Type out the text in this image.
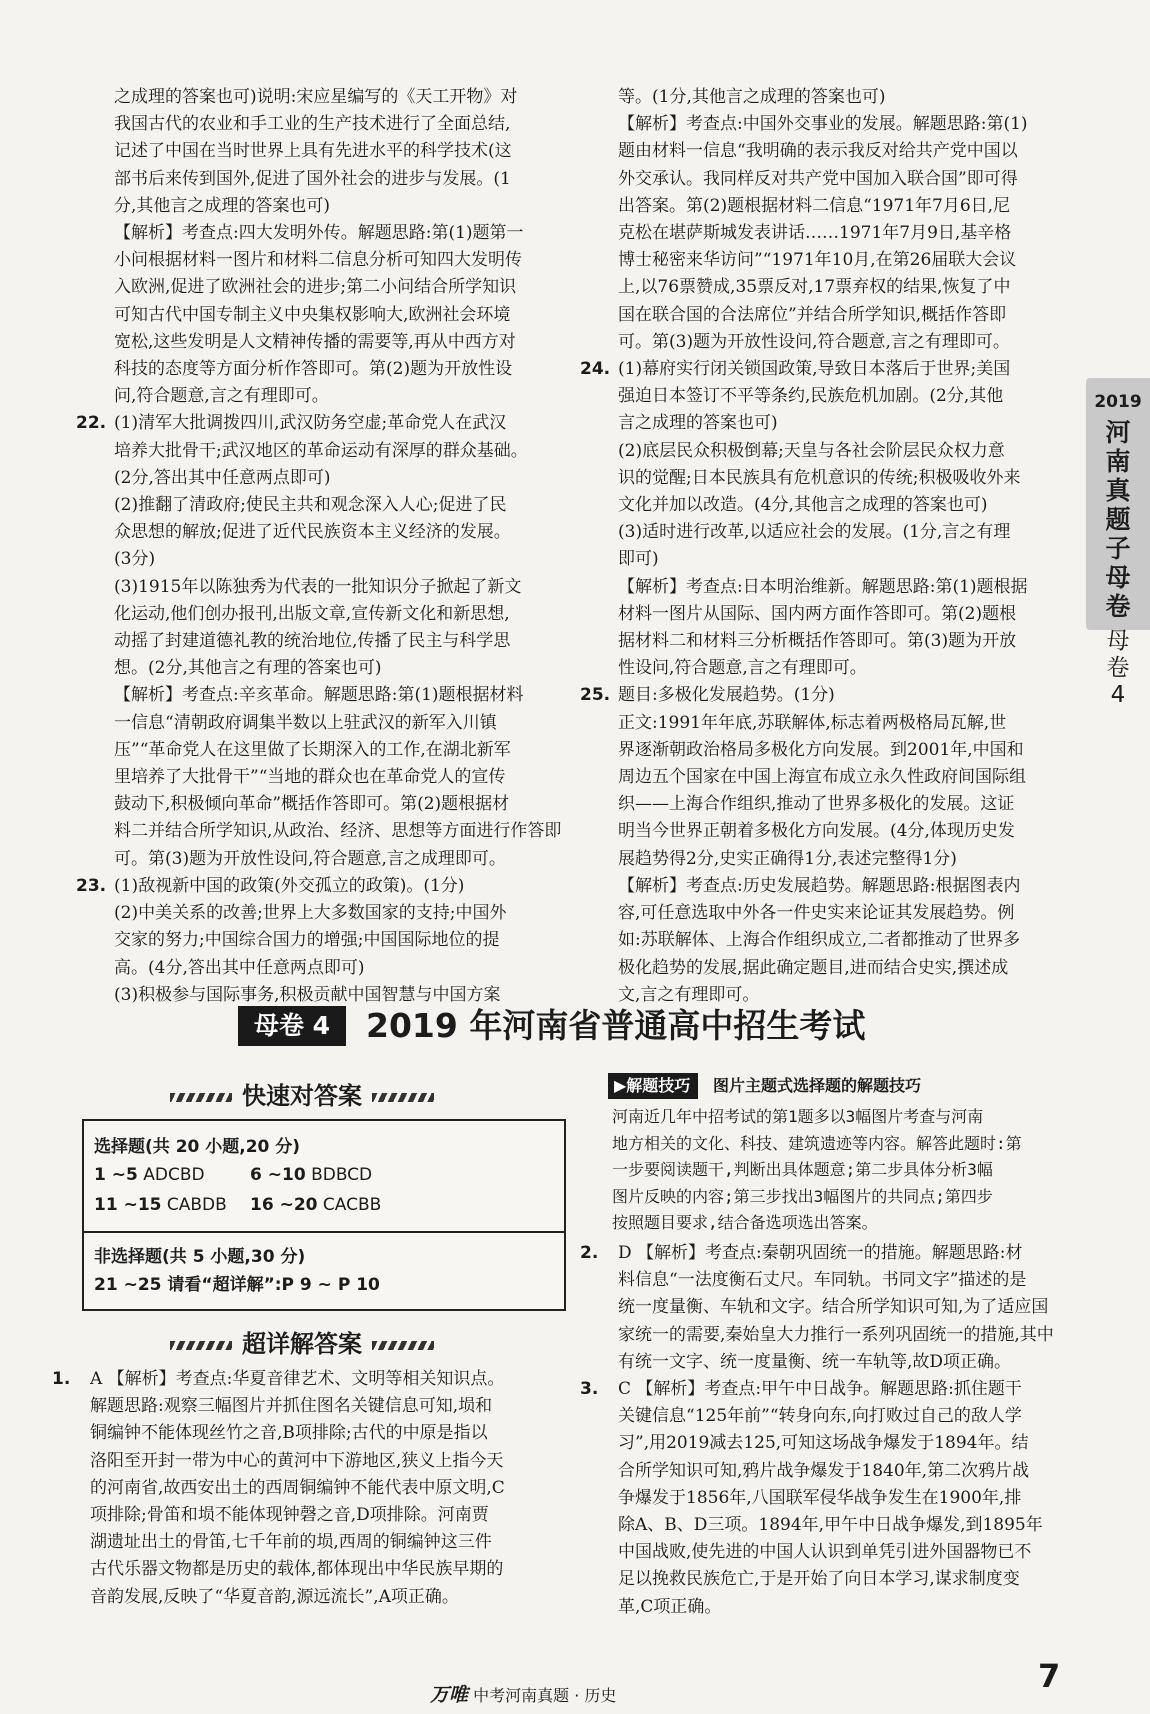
之成理的答案也可)说明:宋应星编写的《天工开物》对

我国古代的农业和手工业的生产技术进行了全面总结,

记述了中国在当时世界上具有先进水平的科学技术(这

部书后来传到国外,促进了国外社会的进步与发展。(1

分,其他言之成理的答案也可)

【解析】考查点:四大发明外传。解题思路:第(1)题第一

小问根据材料一图片和材料二信息分析可知四大发明传

入欧洲,促进了欧洲社会的进步;第二小问结合所学知识

可知古代中国专制主义中央集权影响大,欧洲社会环境

宽松,这些发明是人文精神传播的需要等,再从中西方对

科技的态度等方面分析作答即可。第(2)题为开放性设

问,符合题意,言之有理即可。

22. (1)清军大批调拨四川,武汉防务空虚;革命党人在武汉

培养大批骨干;武汉地区的革命运动有深厚的群众基础。

(2分,答出其中任意两点即可)

(2)推翻了清政府;使民主共和观念深入人心;促进了民

众思想的解放;促进了近代民族资本主义经济的发展。

(3分)

(3)1915年以陈独秀为代表的一批知识分子掀起了新文

化运动,他们创办报刊,出版文章,宣传新文化和新思想,

动摇了封建道德礼教的统治地位,传播了民主与科学思

想。(2分,其他言之有理的答案也可)

【解析】考查点:辛亥革命。解题思路:第(1)题根据材料

一信息“清朝政府调集半数以上驻武汉的新军入川镇

压”“革命党人在这里做了长期深入的工作,在湖北新军

里培养了大批骨干”“当地的群众也在革命党人的宣传

鼓动下,积极倾向革命”概括作答即可。第(2)题根据材

料二并结合所学知识,从政治、经济、思想等方面进行作答即

可。第(3)题为开放性设问,符合题意,言之成理即可。

23. (1)敌视新中国的政策(外交孤立的政策)。(1分)

(2)中美关系的改善;世界上大多数国家的支持;中国外

交家的努力;中国综合国力的增强;中国国际地位的提

高。(4分,答出其中任意两点即可)

(3)积极参与国际事务,积极贡献中国智慧与中国方案

等。(1分,其他言之成理的答案也可)

【解析】考查点:中国外交事业的发展。解题思路:第(1)

题由材料一信息“我明确的表示我反对给共产党中国以

外交承认。我同样反对共产党中国加入联合国”即可得

出答案。第(2)题根据材料二信息“1971年7月6日,尼

克松在堪萨斯城发表讲话……1971年7月9日,基辛格

博士秘密来华访问”“1971年10月,在第26届联大会议

上,以76票赞成,35票反对,17票弃权的结果,恢复了中

国在联合国的合法席位”并结合所学知识,概括作答即

可。第(3)题为开放性设问,符合题意,言之有理即可。

24. (1)幕府实行闭关锁国政策,导致日本落后于世界;美国

强迫日本签订不平等条约,民族危机加剧。(2分,其他

言之成理的答案也可)

(2)底层民众积极倒幕;天皇与各社会阶层民众权力意

识的觉醒;日本民族具有危机意识的传统;积极吸收外来

文化并加以改造。(4分,其他言之成理的答案也可)

(3)适时进行改革,以适应社会的发展。(1分,言之有理

即可)

【解析】考查点:日本明治维新。解题思路:第(1)题根据

材料一图片从国际、国内两方面作答即可。第(2)题根

据材料二和材料三分析概括作答即可。第(3)题为开放

性设问,符合题意,言之有理即可。

25. 题目:多极化发展趋势。(1分)

正文:1991年年底,苏联解体,标志着两极格局瓦解,世

界逐渐朝政治格局多极化方向发展。到2001年,中国和

周边五个国家在中国上海宣布成立永久性政府间国际组

织——上海合作组织,推动了世界多极化的发展。这证

明当今世界正朝着多极化方向发展。(4分,体现历史发

展趋势得2分,史实正确得1分,表述完整得1分)

【解析】考查点:历史发展趋势。解题思路:根据图表内

容,可任意选取中外各一件史实来论证其发展趋势。例

如:苏联解体、上海合作组织成立,二者都推动了世界多

极化趋势的发展,据此确定题目,进而结合史实,撰述成

文,言之有理即可。

2019
河
南
真
题
子
母
卷
母
卷
4
母卷 4	2019 年河南省普通高中招生考试
快速对答案
选择题(共 20 小题,20 分)
1 ~5 ADCBD	6 ~10 BDBCD
11 ~15 CABDB 16 ~20 CACBB
非选择题(共 5 小题,30 分)
21 ~25 请看“超详解”:P 9 ~ P 10
超详解答案

1. A 【解析】考查点:华夏音律艺术、文明等相关知识点。

解题思路:观察三幅图片并抓住图名关键信息可知,埙和

铜编钟不能体现丝竹之音,B项排除;古代的中原是指以

洛阳至开封一带为中心的黄河中下游地区,狭义上指今天

的河南省,故西安出土的西周铜编钟不能代表中原文明,C

项排除;骨笛和埙不能体现钟磬之音,D项排除。河南贾

湖遗址出土的骨笛,七千年前的埙,西周的铜编钟这三件

古代乐器文物都是历史的载体,都体现出中华民族早期的

音韵发展,反映了“华夏音韵,源远流长”,A项正确。

▶解题技巧	图片主题式选择题的解题技巧
河南近几年中招考试的第1题多以3幅图片考查与河南
地方相关的文化、科技、建筑遗迹等内容。解答此题时:第
一步要阅读题干,判断出具体题意;第二步具体分析3幅
图片反映的内容;第三步找出3幅图片的共同点;第四步
按照题目要求,结合备选项选出答案。

2. D 【解析】考查点:秦朝巩固统一的措施。解题思路:材

料信息“一法度衡石丈尺。车同轨。书同文字”描述的是

统一度量衡、车轨和文字。结合所学知识可知,为了适应国

家统一的需要,秦始皇大力推行一系列巩固统一的措施,其中

有统一文字、统一度量衡、统一车轨等,故D项正确。

3. C 【解析】考查点:甲午中日战争。解题思路:抓住题干

关键信息“125年前”“转身向东,向打败过自己的敌人学

习”,用2019减去125,可知这场战争爆发于1894年。结

合所学知识可知,鸦片战争爆发于1840年,第二次鸦片战

争爆发于1856年,八国联军侵华战争发生在1900年,排

除A、B、D三项。1894年,甲午中日战争爆发,到1895年

中国战败,使先进的中国人认识到单凭引进外国器物已不

足以挽救民族危亡,于是开始了向日本学习,谋求制度变

革,C项正确。

万唯 中考河南真题 · 历史
7
